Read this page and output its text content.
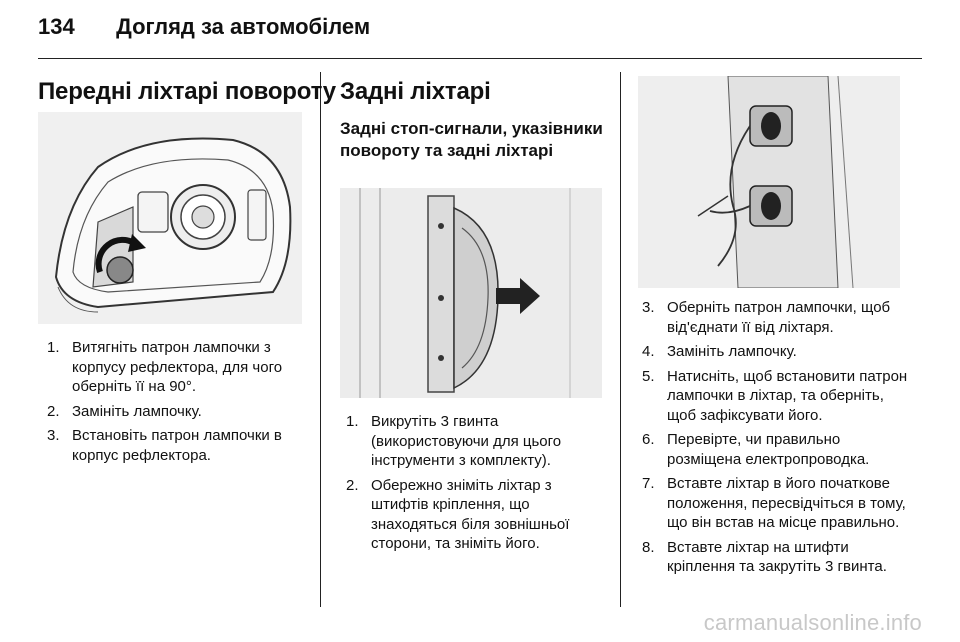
134 Догляд за автомобілем
Передні ліхтарі повороту
1. Витягніть патрон лампочки з корпусу рефлектора, для чого оберніть її на 90°.
2. Замініть лампочку.
3. Встановіть патрон лампочки в корпус рефлектора.
Задні ліхтарі
Задні стоп-сигнали, указівники повороту та задні ліхтарі
1. Викрутіть 3 гвинта (використовуючи для цього інструменти з комплекту).
2. Обережно зніміть ліхтар з штифтів кріплення, що знаходяться біля зовнішньої сторони, та зніміть його.
3. Оберніть патрон лампочки, щоб від'єднати її від ліхтаря.
4. Замініть лампочку.
5. Натисніть, щоб встановити патрон лампочки в ліхтар, та оберніть, щоб зафіксувати його.
6. Перевірте, чи правильно розміщена електропроводка.
7. Вставте ліхтар в його початкове положення, пересвідчіться в тому, що він встав на місце правильно.
8. Вставте ліхтар на штифти кріплення та закрутіть 3 гвинта.
carmanualsonline.info
